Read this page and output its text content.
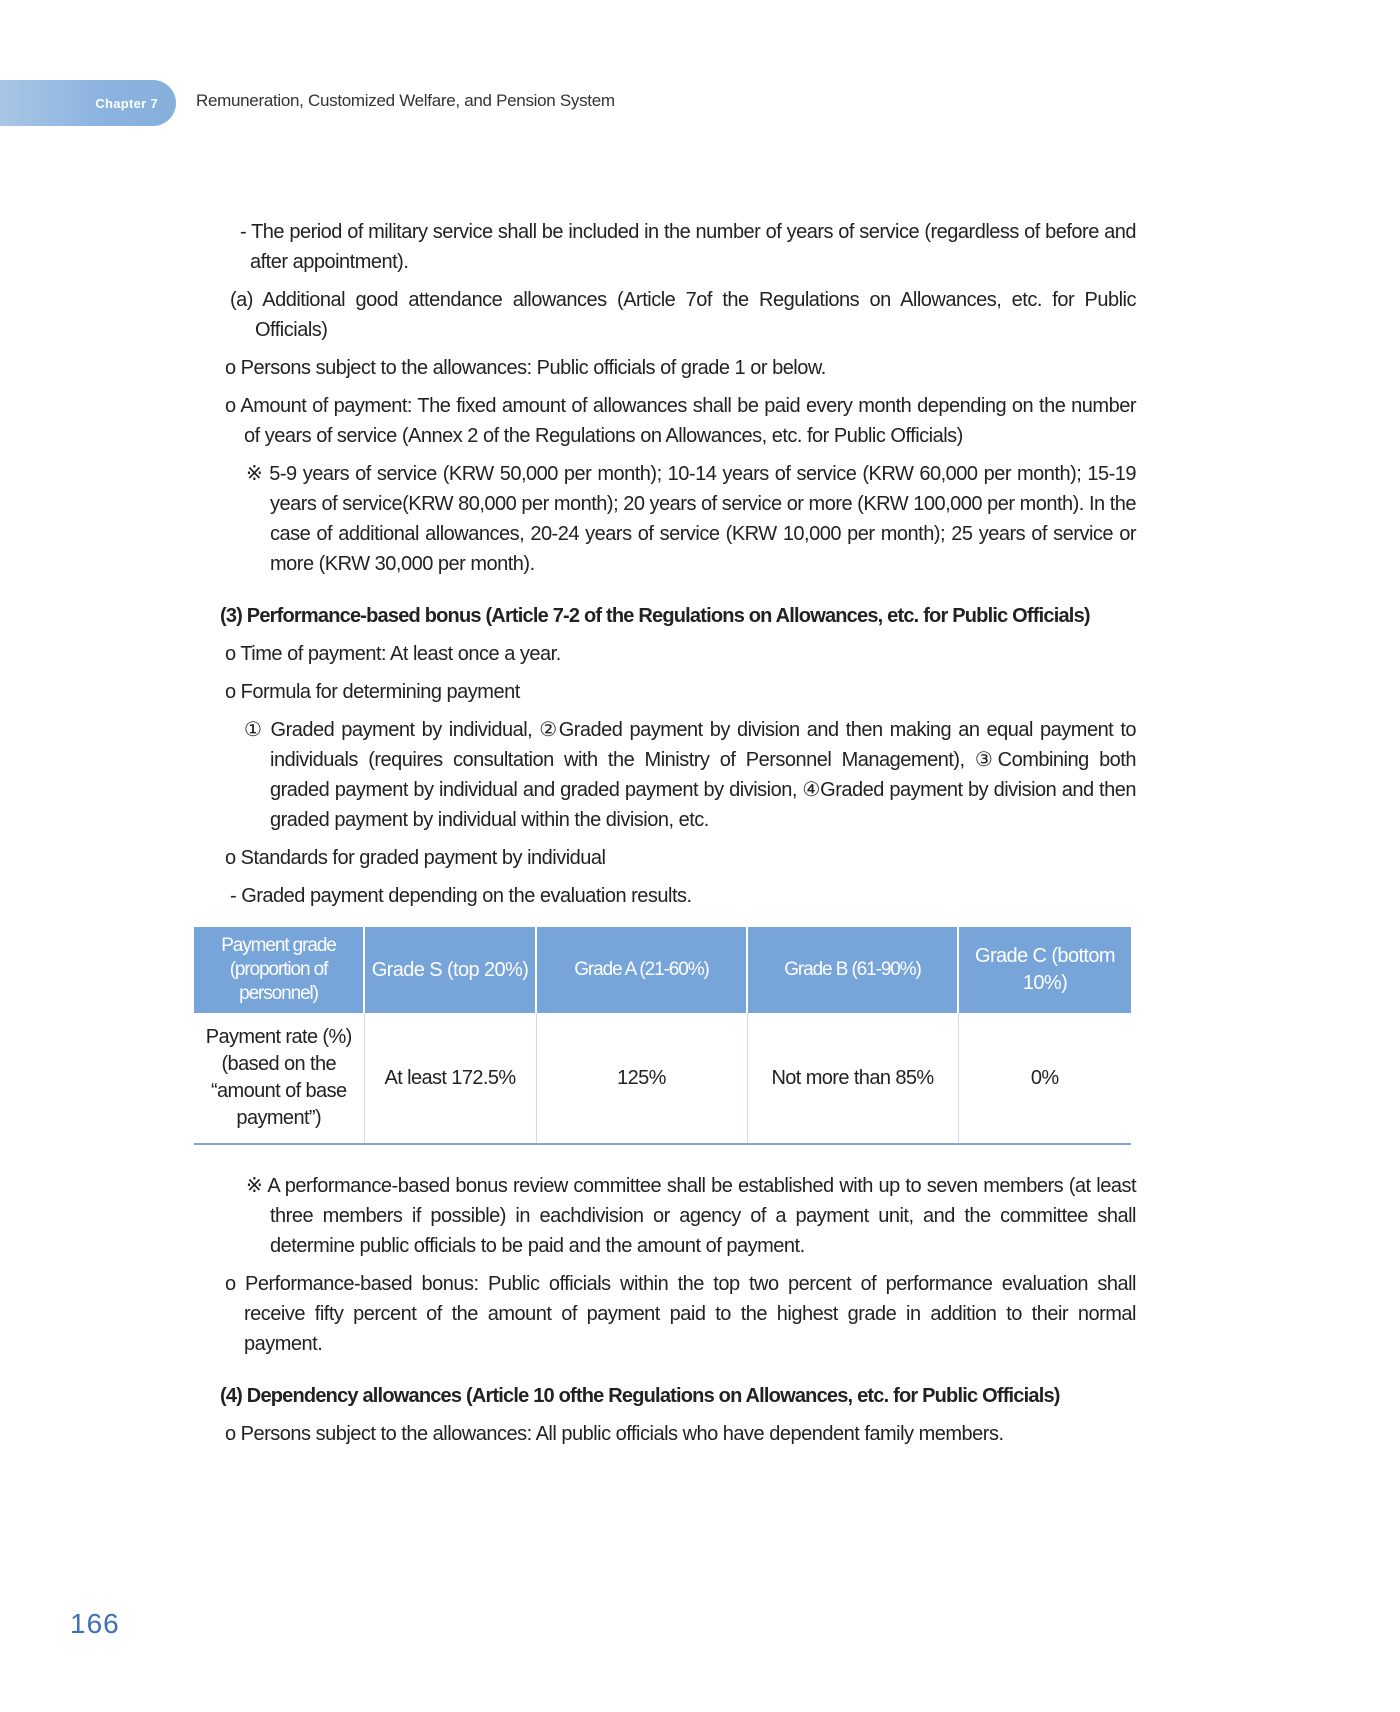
Chapter 7 Remuneration, Customized Welfare, and Pension System

- The period of military service shall be included in the number of years of service (regardless of before and after appointment).

(a) Additional good attendance allowances (Article 7of the Regulations on Allowances, etc. for Public Officials)

o Persons subject to the allowances: Public officials of grade 1 or below.

o Amount of payment: The fixed amount of allowances shall be paid every month depending on the number of years of service (Annex 2 of the Regulations on Allowances, etc. for Public Officials)

※ 5-9 years of service (KRW 50,000 per month); 10-14 years of service (KRW 60,000 per month); 15-19 years of service(KRW 80,000 per month); 20 years of service or more (KRW 100,000 per month). In the case of additional allowances, 20-24 years of service (KRW 10,000 per month); 25 years of service or more (KRW 30,000 per month).

(3) Performance-based bonus (Article 7-2 of the Regulations on Allowances, etc. for Public Officials)

o Time of payment: At least once a year.

o Formula for determining payment

① Graded payment by individual, ②Graded payment by division and then making an equal payment to individuals (requires consultation with the Ministry of Personnel Management), ③Combining both graded payment by individual and graded payment by division, ④Graded payment by division and then graded payment by individual within the division, etc.

o Standards for graded payment by individual

- Graded payment depending on the evaluation results.

Payment grade (proportion of personnel)	Grade S (top 20%)	Grade A (21-60%)	Grade B (61-90%)	Grade C (bottom 10%)
Payment rate (%) (based on the “amount of base payment”)	At least 172.5%	125%	Not more than 85%	0%

※ A performance-based bonus review committee shall be established with up to seven members (at least three members if possible) in eachdivision or agency of a payment unit, and the committee shall determine public officials to be paid and the amount of payment.

o Performance-based bonus: Public officials within the top two percent of performance evaluation shall receive fifty percent of the amount of payment paid to the highest grade in addition to their normal payment.

(4) Dependency allowances (Article 10 ofthe Regulations on Allowances, etc. for Public Officials)

o Persons subject to the allowances: All public officials who have dependent family members.

166
